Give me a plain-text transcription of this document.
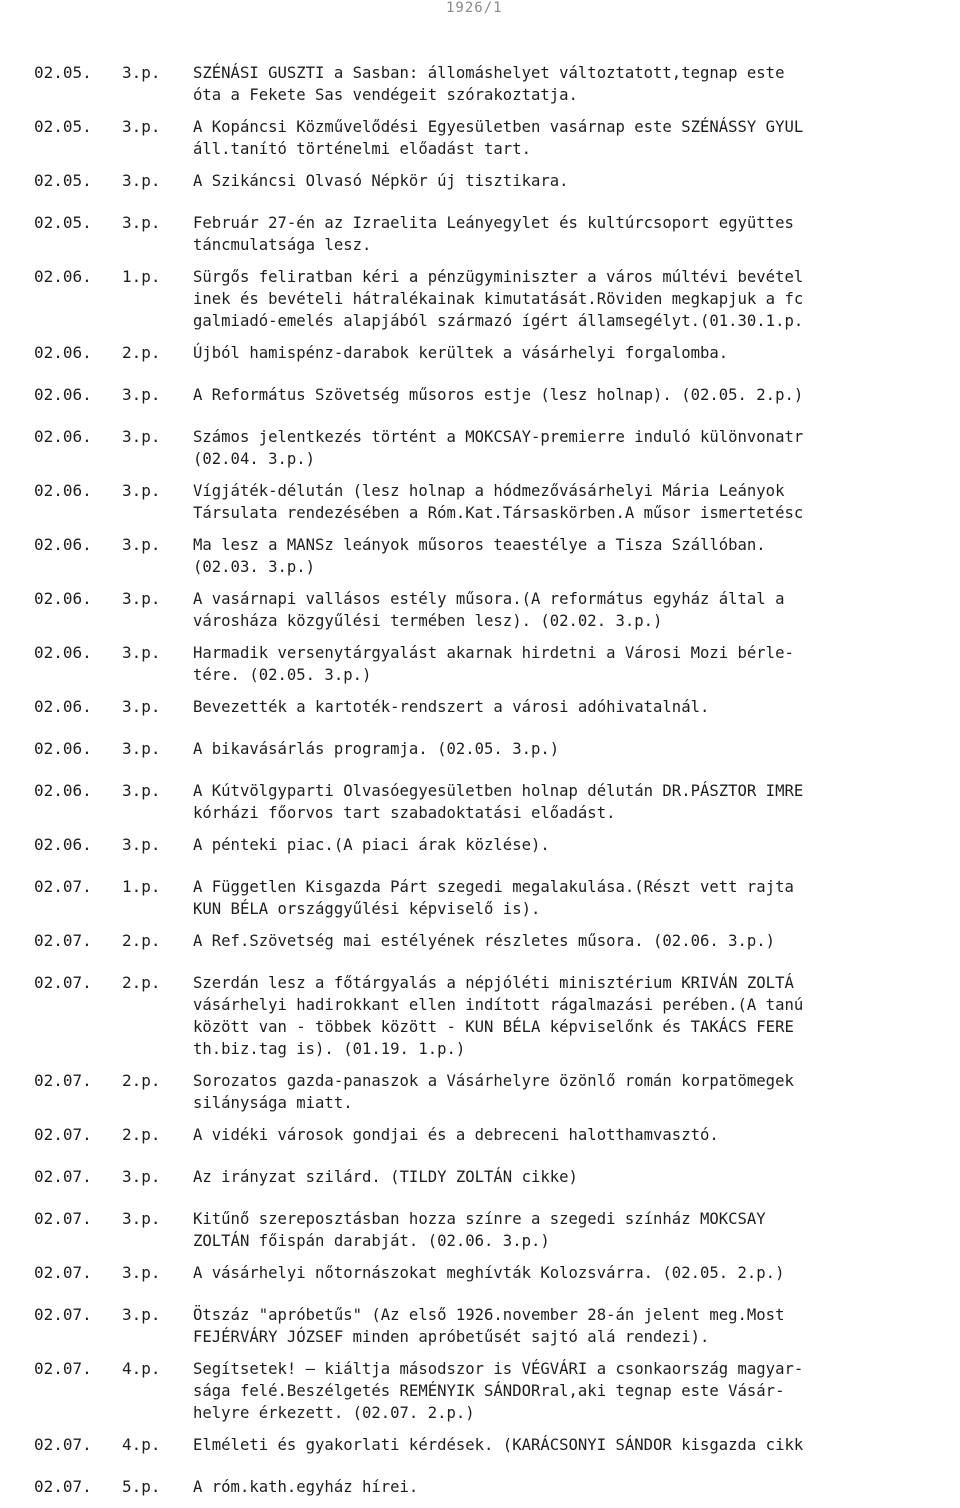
1926/1
02.05.	3.p.	SZÉNÁSI GUSZTI a Sasban: állomáshelyet változtatott,tegnap este
óta a Fekete Sas vendégeit szórakoztatja.
02.05.	3.p.	A Kopáncsi Közművelődési Egyesületben vasárnap este SZÉNÁSSY GYUL
áll.tanító történelmi előadást tart.
02.05.	3.p.	A Szikáncsi Olvasó Népkör új tisztikara.
02.05.	3.p.	Február 27-én az Izraelita Leányegylet és kultúrcsoport együttes
táncmulatsága lesz.
02.06.	1.p.	Sürgős feliratban kéri a pénzügyminiszter a város múltévi bevétel
inek és bevételi hátralékainak kimutatását.Röviden megkapjuk a fc
galmiadó-emelés alapjából származó ígért államsegélyt.(01.30.1.p.
02.06.	2.p.	Újból hamispénz-darabok kerültek a vásárhelyi forgalomba.
02.06.	3.p.	A Református Szövetség műsoros estje (lesz holnap). (02.05. 2.p.)
02.06.	3.p.	Számos jelentkezés történt a MOKCSAY-premierre induló különvonatr
(02.04. 3.p.)
02.06.	3.p.	Vígjáték-délután (lesz holnap a hódmezővásárhelyi Mária Leányok
Társulata rendezésében a Róm.Kat.Társaskörben.A műsor ismertetésc
02.06.	3.p.	Ma lesz a MANSz leányok műsoros teaestélye a Tisza Szállóban.
(02.03. 3.p.)
02.06.	3.p.	A vasárnapi vallásos estély műsora.(A református egyház által a
városháza közgyűlési termében lesz). (02.02. 3.p.)
02.06.	3.p.	Harmadik versenytárgyalást akarnak hirdetni a Városi Mozi bérle-
tére. (02.05. 3.p.)
02.06.	3.p.	Bevezették a kartoték-rendszert a városi adóhivatalnál.
02.06.	3.p.	A bikavásárlás programja. (02.05. 3.p.)
02.06.	3.p.	A Kútvölgyparti Olvasóegyesületben holnap délután DR.PÁSZTOR IMRE
kórházi főorvos tart szabadoktatási előadást.
02.06.	3.p.	A pénteki piac.(A piaci árak közlése).
02.07.	1.p.	A Független Kisgazda Párt szegedi megalakulása.(Részt vett rajta
KUN BÉLA országgyűlési képviselő is).
02.07.	2.p.	A Ref.Szövetség mai estélyének részletes műsora. (02.06. 3.p.)
02.07.	2.p.	Szerdán lesz a főtárgyalás a népjóléti minisztérium KRIVÁN ZOLTÁ
vásárhelyi hadirokkant ellen indított rágalmazási perében.(A tanú
között van - többek között - KUN BÉLA képviselőnk és TAKÁCS FERE
th.biz.tag is). (01.19. 1.p.)
02.07.	2.p.	Sorozatos gazda-panaszok a Vásárhelyre özönlő román korpatömegek
silánysága miatt.
02.07.	2.p.	A vidéki városok gondjai és a debreceni halotthamvasztó.
02.07.	3.p.	Az irányzat szilárd. (TILDY ZOLTÁN cikke)
02.07.	3.p.	Kitűnő szereposztásban hozza színre a szegedi színház MOKCSAY
ZOLTÁN főispán darabját. (02.06. 3.p.)
02.07.	3.p.	A vásárhelyi nőtornászokat meghívták Kolozsvárra. (02.05. 2.p.)
02.07.	3.p.	Ötszáz "apróbetűs" (Az első 1926.november 28-án jelent meg.Most
FEJÉRVÁRY JÓZSEF minden apróbetűsét sajtó alá rendezi).
02.07.	4.p.	Segítsetek! — kiáltja másodszor is VÉGVÁRI a csonkaország magyar-
sága felé.Beszélgetés REMÉNYIK SÁNDORral,aki tegnap este Vásár-
helyre érkezett. (02.07. 2.p.)
02.07.	4.p.	Elméleti és gyakorlati kérdések. (KARÁCSONYI SÁNDOR kisgazda cikk
02.07.	5.p.	A róm.kath.egyház hírei.
